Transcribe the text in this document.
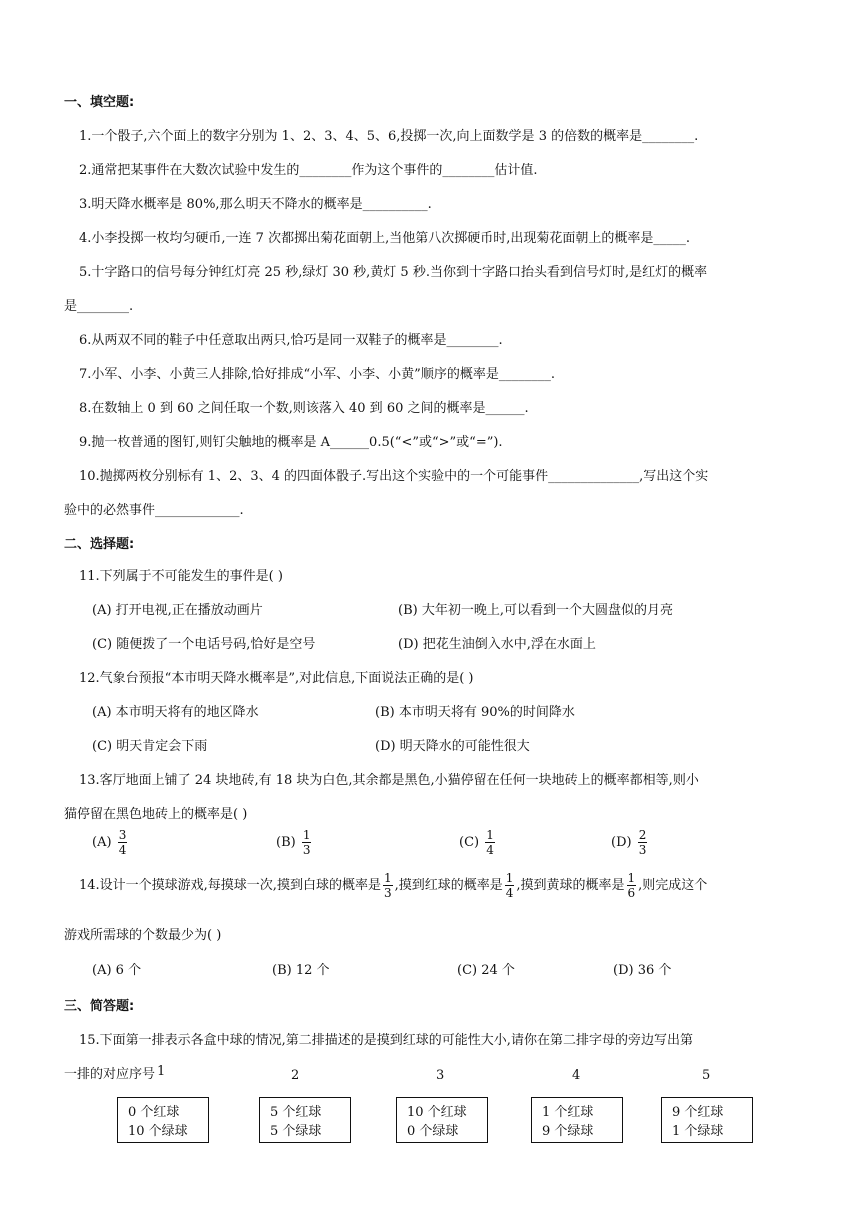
一、填空题:
1.一个骰子,六个面上的数字分别为 1、2、3、4、5、6,投掷一次,向上面数学是 3 的倍数的概率是________.
2.通常把某事件在大数次试验中发生的________作为这个事件的________估计值.
3.明天降水概率是 80%,那么明天不降水的概率是__________.
4.小李投掷一枚均匀硬币,一连 7 次都掷出菊花面朝上,当他第八次掷硬币时,出现菊花面朝上的概率是_____.
5.十字路口的信号每分钟红灯亮 25 秒,绿灯 30 秒,黄灯 5 秒.当你到十字路口抬头看到信号灯时,是红灯的概率
是________.
6.从两双不同的鞋子中任意取出两只,恰巧是同一双鞋子的概率是________.
7.小军、小李、小黄三人排除,恰好排成“小军、小李、小黄”顺序的概率是________.
8.在数轴上 0 到 60 之间任取一个数,则该落入 40 到 60 之间的概率是______.
9.抛一枚普通的图钉,则钉尖触地的概率是 A______0.5(“<”或“>”或“=”).
10.抛掷两枚分别标有 1、2、3、4 的四面体骰子.写出这个实验中的一个可能事件______________,写出这个实
验中的必然事件_____________.
二、选择题:
11.下列属于不可能发生的事件是( )
(A) 打开电视,正在播放动画片	(B) 大年初一晚上,可以看到一个大圆盘似的月亮
(C) 随便拨了一个电话号码,恰好是空号	(D) 把花生油倒入水中,浮在水面上
12.气象台预报“本市明天降水概率是”,对此信息,下面说法正确的是( )
(A) 本市明天将有的地区降水	(B) 本市明天将有 90%的时间降水
(C) 明天肯定会下雨	(D) 明天降水的可能性很大
13.客厅地面上铺了 24 块地砖,有 18 块为白色,其余都是黑色,小猫停留在任何一块地砖上的概率都相等,则小
猫停留在黑色地砖上的概率是( )
$(A) \frac{3}{4}$	$(B) \frac{1}{3}$	$(C) \frac{1}{4}$	$(D) \frac{2}{3}$
14.设计一个摸球游戏,每摸球一次,摸到白球的概率是 $\frac{1}{3}$ ,摸到红球的概率是 $\frac{1}{4}$ ,摸到黄球的概率是 $\frac{1}{6}$ ,则完成这个
游戏所需球的个数最少为( )
(A) 6 个	(B) 12 个	(C) 24 个	(D) 36 个
三、简答题:
15.下面第一排表示各盒中球的情况,第二排描述的是摸到红球的可能性大小,请你在第二排字母的旁边写出第
一排的对应序号 1	2	3	4	5
0 个红球
10 个绿球
5 个红球
5 个绿球
10 个红球
0 个绿球
1 个红球
9 个绿球
9 个红球
1 个绿球
